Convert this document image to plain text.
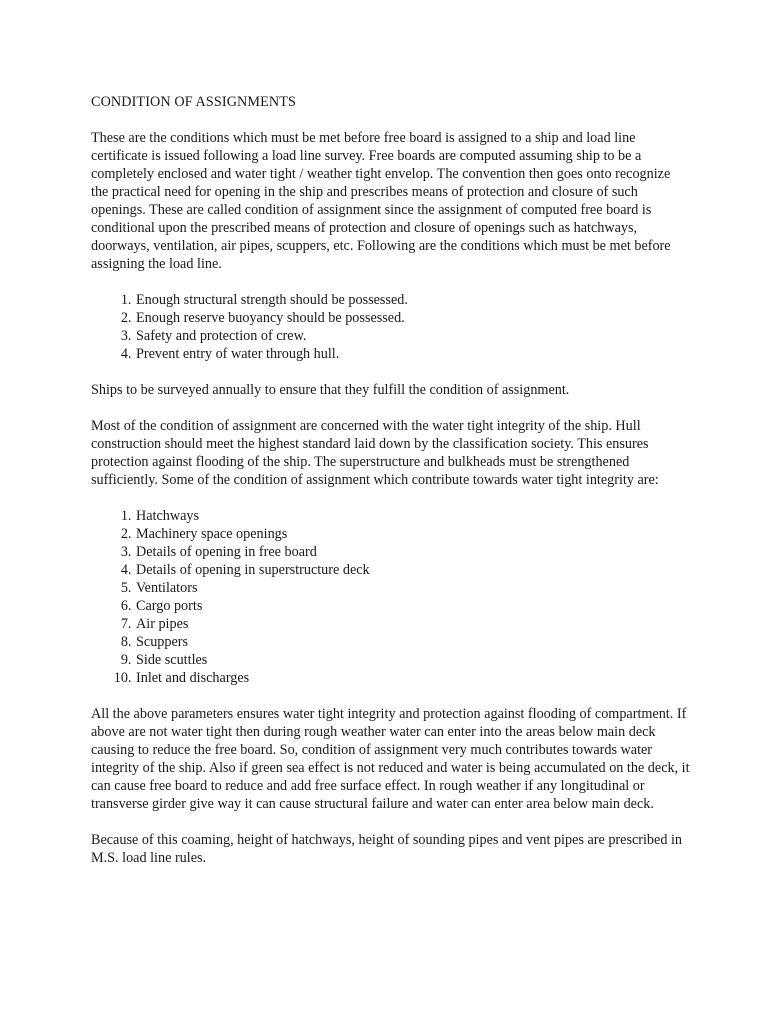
CONDITION OF ASSIGNMENTS

These are the conditions which must be met before free board is assigned to a ship and load line certificate is issued following a load line survey. Free boards are computed assuming ship to be a completely enclosed and water tight / weather tight envelop. The convention then goes onto recognize the practical need for opening in the ship and prescribes means of protection and closure of such openings. These are called condition of assignment since the assignment of computed free board is conditional upon the prescribed means of protection and closure of openings such as hatchways, doorways, ventilation, air pipes, scuppers, etc. Following are the conditions which must be met before assigning the load line.

1. Enough structural strength should be possessed.
2. Enough reserve buoyancy should be possessed.
3. Safety and protection of crew.
4. Prevent entry of water through hull.

Ships to be surveyed annually to ensure that they fulfill the condition of assignment.

Most of the condition of assignment are concerned with the water tight integrity of the ship. Hull construction should meet the highest standard laid down by the classification society. This ensures protection against flooding of the ship. The superstructure and bulkheads must be strengthened sufficiently. Some of the condition of assignment which contribute towards water tight integrity are:

1. Hatchways
2. Machinery space openings
3. Details of opening in free board
4. Details of opening in superstructure deck
5. Ventilators
6. Cargo ports
7. Air pipes
8. Scuppers
9. Side scuttles
10. Inlet and discharges

All the above parameters ensures water tight integrity and protection against flooding of compartment. If above are not water tight then during rough weather water can enter into the areas below main deck causing to reduce the free board. So, condition of assignment very much contributes towards water integrity of the ship. Also if green sea effect is not reduced and water is being accumulated on the deck, it can cause free board to reduce and add free surface effect. In rough weather if any longitudinal or transverse girder give way it can cause structural failure and water can enter area below main deck.

Because of this coaming, height of hatchways, height of sounding pipes and vent pipes are prescribed in M.S. load line rules.
